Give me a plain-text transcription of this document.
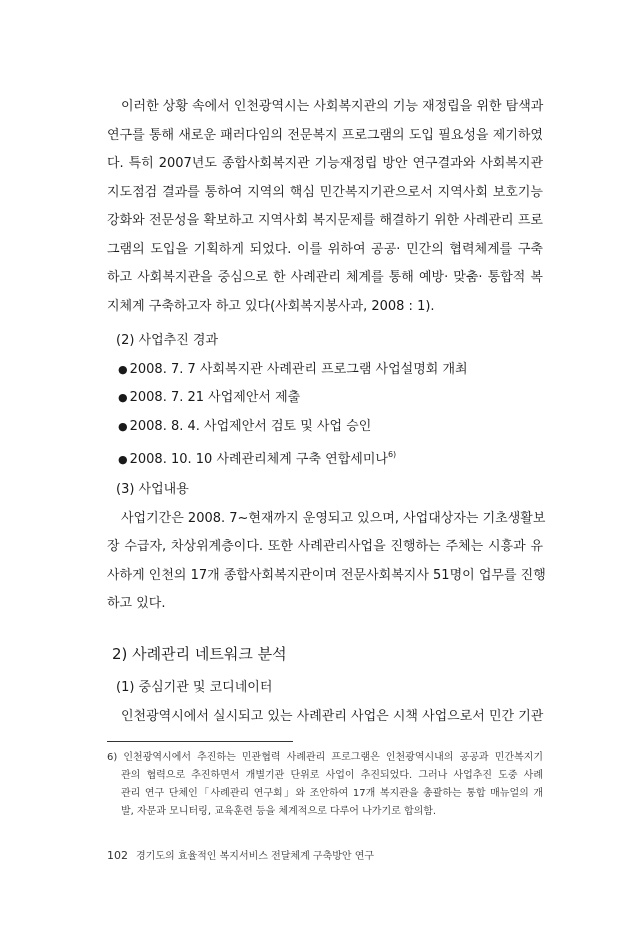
이러한 상황 속에서 인천광역시는 사회복지관의 기능 재정립을 위한 탐색과
연구를 통해 새로운 패러다임의 전문복지 프로그램의 도입 필요성을 제기하였
다. 특히 2007년도 종합사회복지관 기능재정립 방안 연구결과와 사회복지관
지도점검 결과를 통하여 지역의 핵심 민간복지기관으로서 지역사회 보호기능
강화와 전문성을 확보하고 지역사회 복지문제를 해결하기 위한 사례관리 프로
그램의 도입을 기획하게 되었다. 이를 위하여 공공· 민간의 협력체계를 구축
하고 사회복지관을 중심으로 한 사례관리 체계를 통해 예방· 맞춤· 통합적 복
지체계 구축하고자 하고 있다(사회복지봉사과, 2008 : 1).
(2) 사업추진 경과
● 2008. 7. 7 사회복지관 사례관리 프로그램 사업설명회 개최
● 2008. 7. 21 사업제안서 제출
● 2008. 8. 4. 사업제안서 검토 및 사업 승인
● 2008. 10. 10 사례관리체계 구축 연합세미나$^{6)}$
(3) 사업내용
사업기간은 2008. 7~현재까지 운영되고 있으며, 사업대상자는 기초생활보
장 수급자, 차상위계층이다. 또한 사례관리사업을 진행하는 주체는 시흥과 유
사하게 인천의 17개 종합사회복지관이며 전문사회복지사 51명이 업무를 진행
하고 있다.
2) 사례관리 네트워크 분석
(1) 중심기관 및 코디네이터
인천광역시에서 실시되고 있는 사례관리 사업은 시책 사업으로서 민간 기관
6) 인천광역시에서 추진하는 민관협력 사례관리 프로그램은 인천광역시내의 공공과 민간복지기
관의 협력으로 추진하면서 개별기관 단위로 사업이 추진되었다. 그러나 사업추진 도중 사례
관리 연구 단체인「사례관리 연구회」와 조안하여 17개 복지관을 총괄하는 통합 매뉴얼의 개
발, 자문과 모니터링, 교육훈련 등을 체계적으로 다루어 나가기로 합의함.
102 경기도의 효율적인 복지서비스 전달체계 구축방안 연구
